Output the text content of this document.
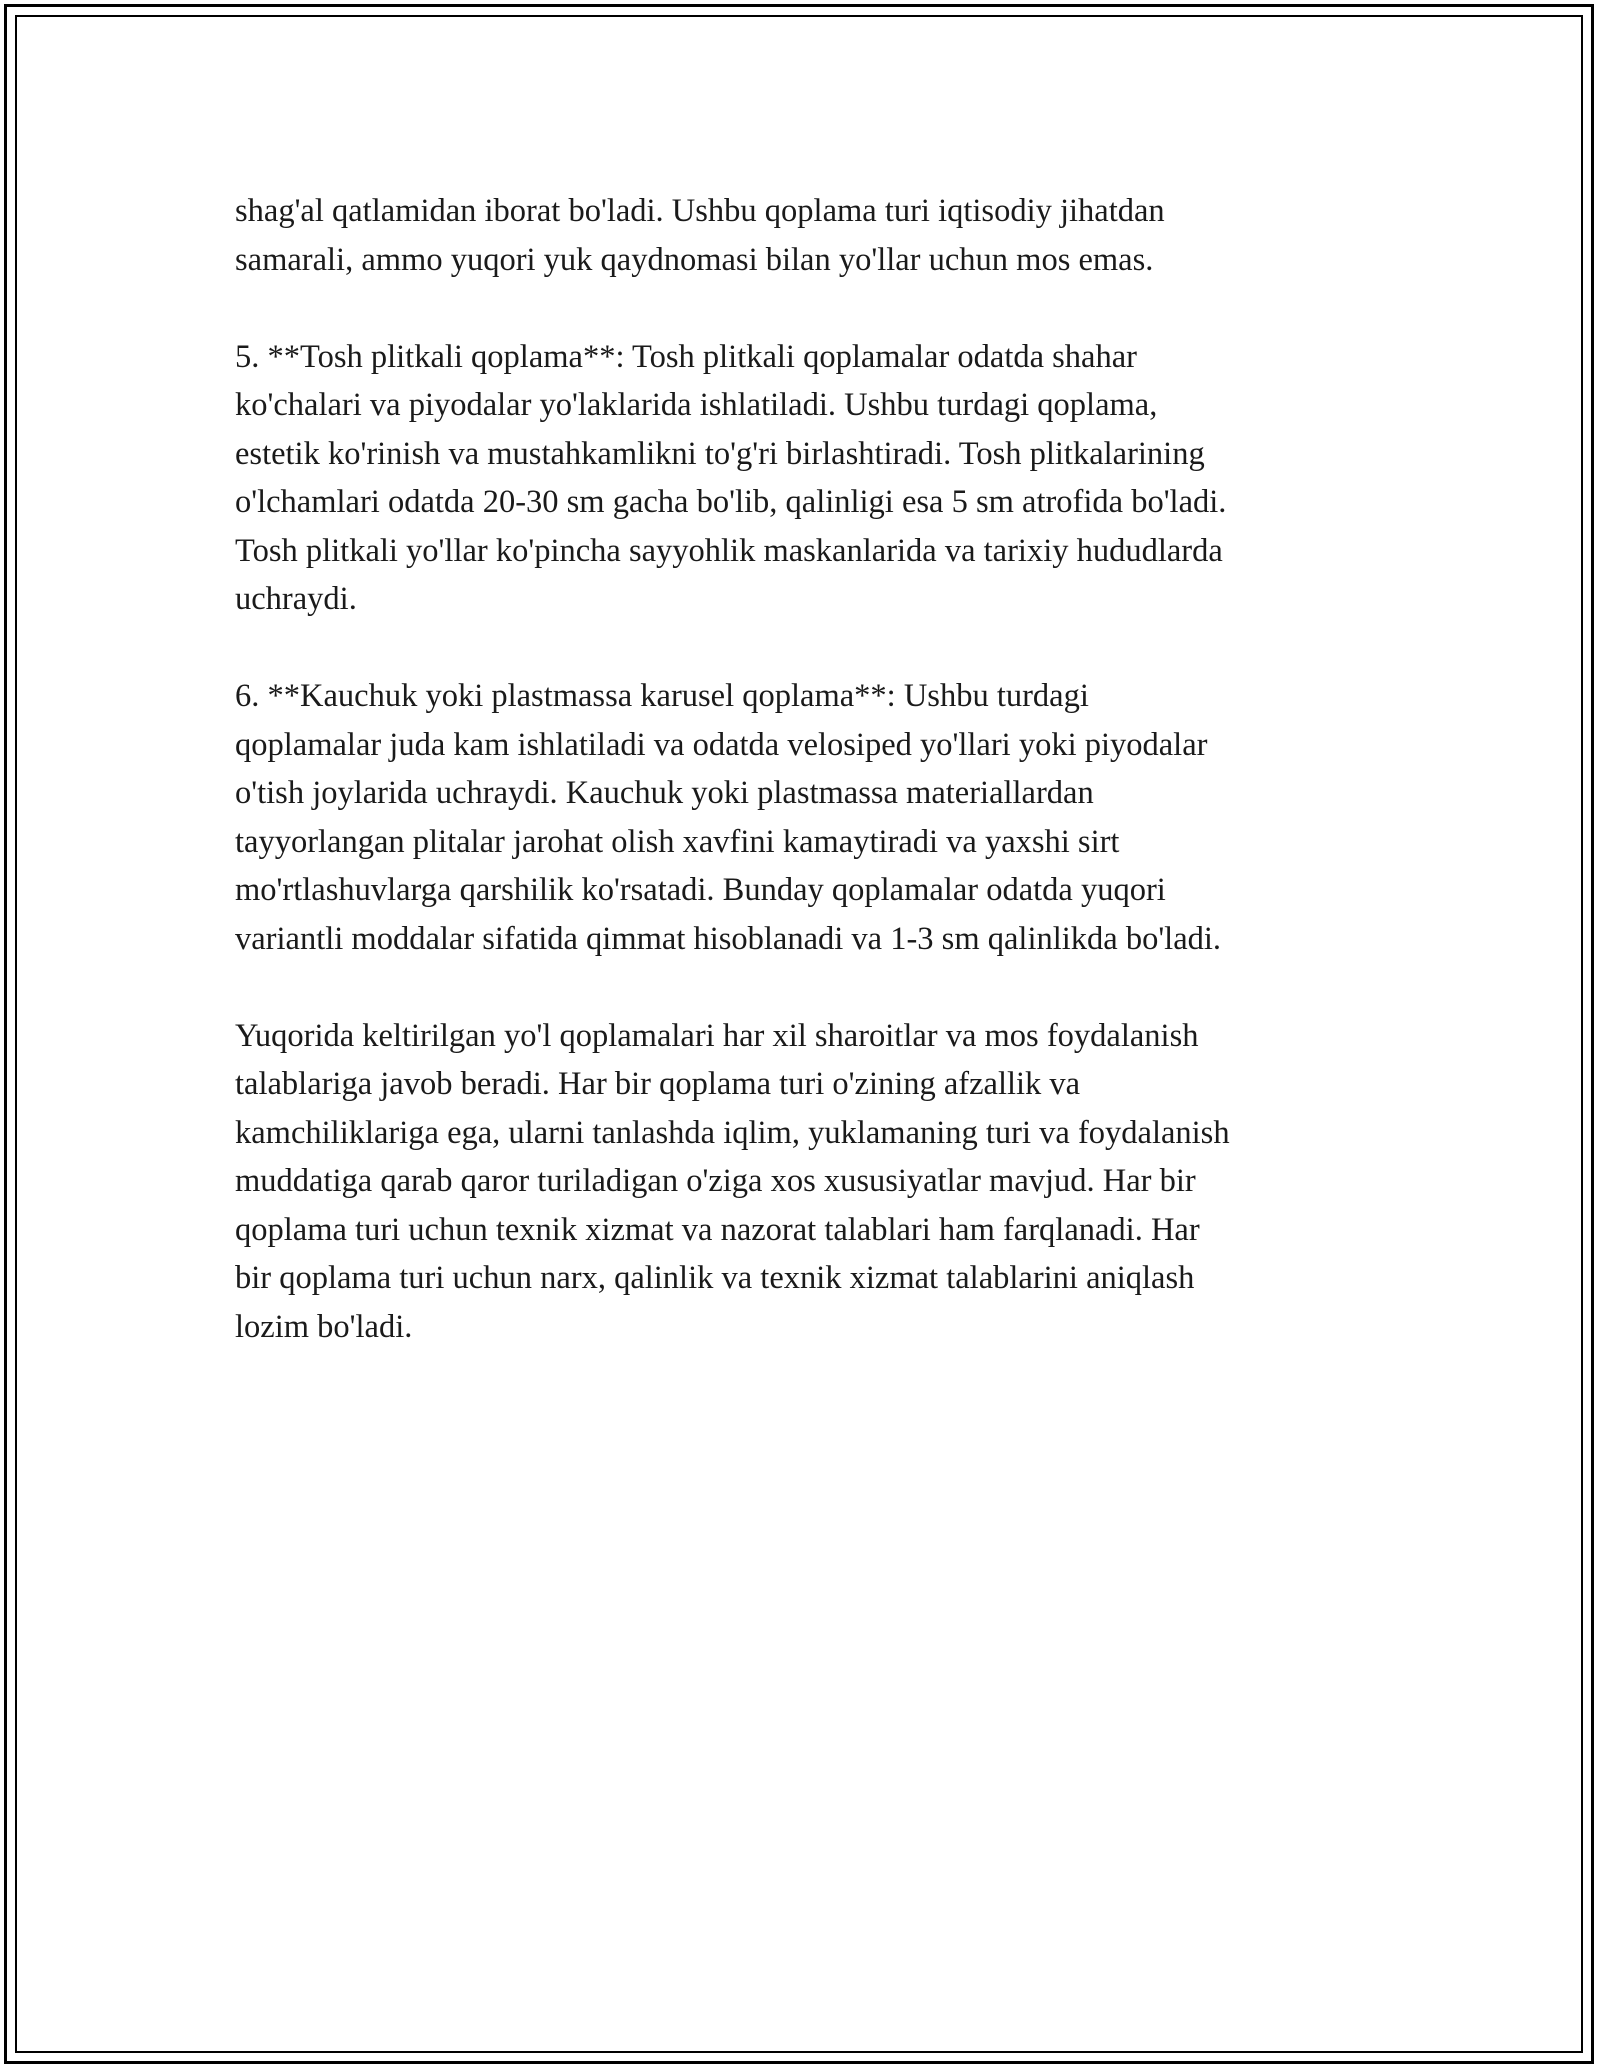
shag'al qatlamidan iborat bo'ladi. Ushbu qoplama turi iqtisodiy jihatdan
samarali, ammo yuqori yuk qaydnomasi bilan yo'llar uchun mos emas.

5. **Tosh plitkali qoplama**: Tosh plitkali qoplamalar odatda shahar
ko'chalari va piyodalar yo'laklarida ishlatiladi. Ushbu turdagi qoplama,
estetik ko'rinish va mustahkamlikni to'g'ri birlashtiradi. Tosh plitkalarining
o'lchamlari odatda 20-30 sm gacha bo'lib, qalinligi esa 5 sm atrofida bo'ladi.
Tosh plitkali yo'llar ko'pincha sayyohlik maskanlarida va tarixiy hududlarda
uchraydi.

6. **Kauchuk yoki plastmassa karusel qoplama**: Ushbu turdagi
qoplamalar juda kam ishlatiladi va odatda velosiped yo'llari yoki piyodalar
o'tish joylarida uchraydi. Kauchuk yoki plastmassa materiallardan
tayyorlangan plitalar jarohat olish xavfini kamaytiradi va yaxshi sirt
mo'rtlashuvlarga qarshilik ko'rsatadi. Bunday qoplamalar odatda yuqori
variantli moddalar sifatida qimmat hisoblanadi va 1-3 sm qalinlikda bo'ladi.

Yuqorida keltirilgan yo'l qoplamalari har xil sharoitlar va mos foydalanish
talablariga javob beradi. Har bir qoplama turi o'zining afzallik va
kamchiliklariga ega, ularni tanlashda iqlim, yuklamaning turi va foydalanish
muddatiga qarab qaror turiladigan o'ziga xos xususiyatlar mavjud. Har bir
qoplama turi uchun texnik xizmat va nazorat talablari ham farqlanadi. Har
bir qoplama turi uchun narx, qalinlik va texnik xizmat talablarini aniqlash
lozim bo'ladi.
